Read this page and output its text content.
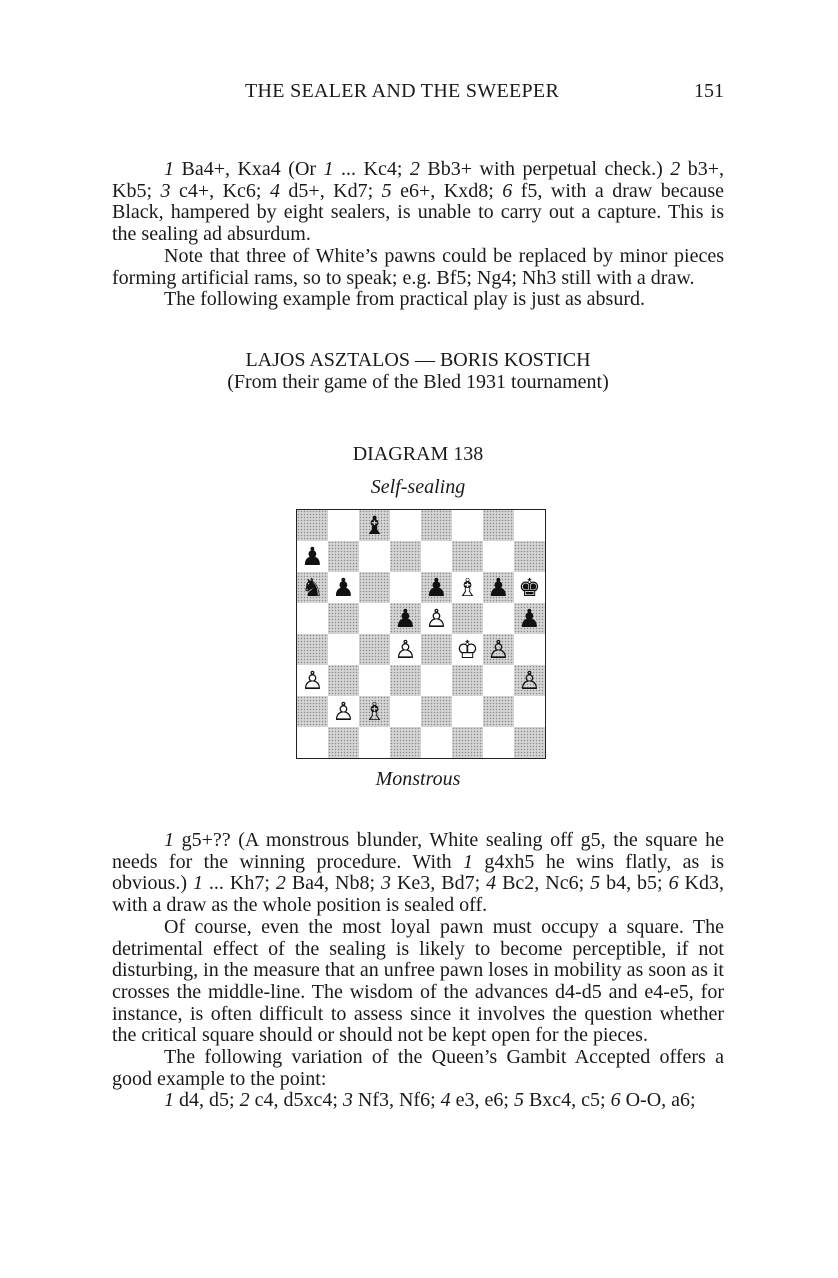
THE SEALER AND THE SWEEPER	151

1 Ba4+, Kxa4 (Or 1 ... Kc4; 2 Bb3+ with perpetual check.) 2 b3+, Kb5; 3 c4+, Kc6; 4 d5+, Kd7; 5 e6+, Kxd8; 6 f5, with a draw because Black, hampered by eight sealers, is unable to carry out a capture. This is the sealing ad absurdum.

Note that three of White’s pawns could be replaced by minor pieces forming artificial rams, so to speak; e.g. Bf5; Ng4; Nh3 still with a draw.

The following example from practical play is just as absurd.

LAJOS ASZTALOS — BORIS KOSTICH
(From their game of the Bled 1931 tournament)
DIAGRAM 138
Self-sealing
♝
♟
♞ ♟	♟ ♗ ♟ ♚
♟ ♙	♟
♙ ♔ ♙
♙	♙
♙ ♗
Monstrous

1 g5+?? (A monstrous blunder, White sealing off g5, the square he needs for the winning procedure. With 1 g4xh5 he wins flatly, as is obvious.) 1 ... Kh7; 2 Ba4, Nb8; 3 Ke3, Bd7; 4 Bc2, Nc6; 5 b4, b5; 6 Kd3, with a draw as the whole position is sealed off.

Of course, even the most loyal pawn must occupy a square. The detrimental effect of the sealing is likely to become perceptible, if not disturbing, in the measure that an unfree pawn loses in mobility as soon as it crosses the middle-line. The wisdom of the advances d4-d5 and e4-e5, for instance, is often difficult to assess since it involves the question whether the critical square should or should not be kept open for the pieces.

The following variation of the Queen’s Gambit Accepted offers a good example to the point:

1 d4, d5; 2 c4, d5xc4; 3 Nf3, Nf6; 4 e3, e6; 5 Bxc4, c5; 6 O-O, a6;
